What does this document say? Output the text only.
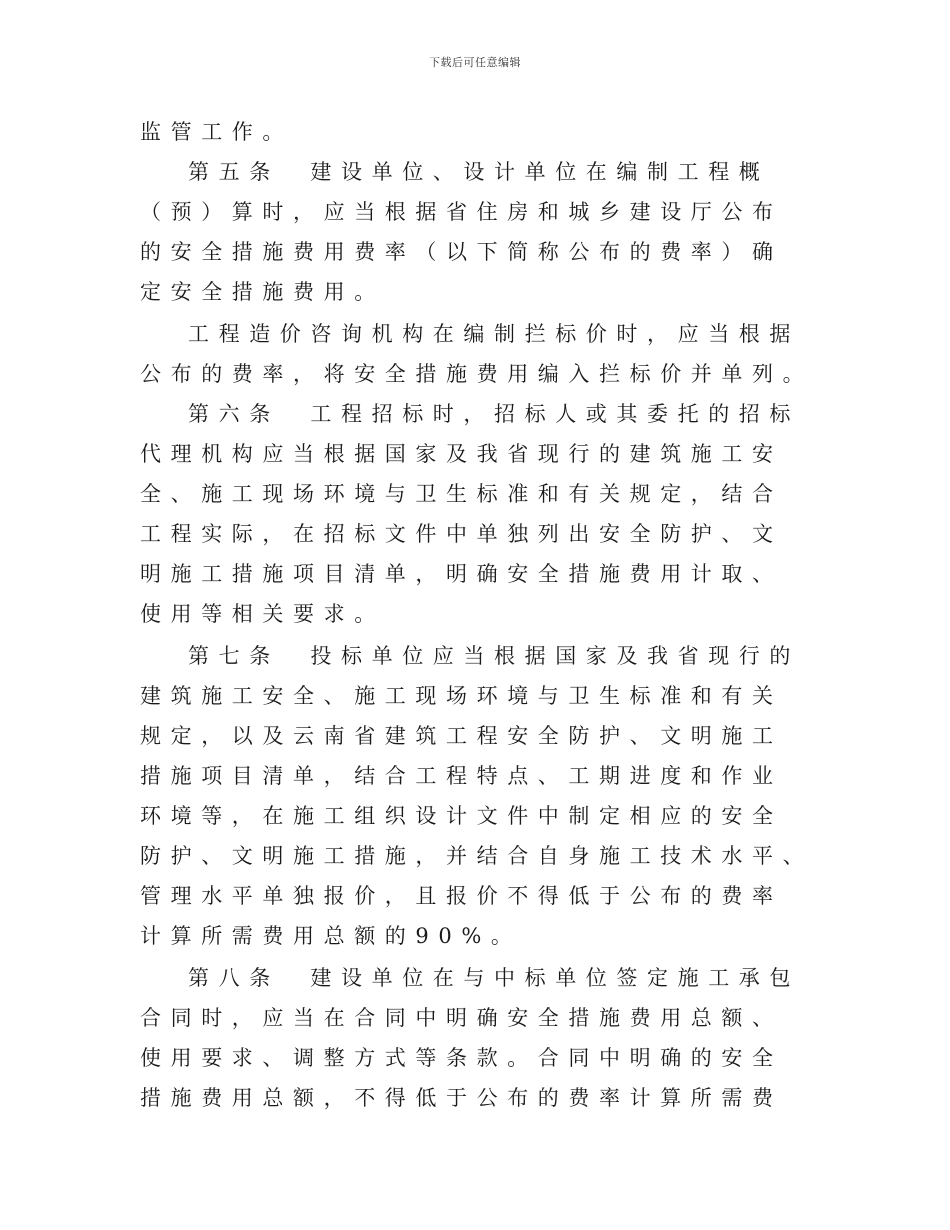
下载后可任意编辑
监管工作。
第五条　建设单位、设计单位在编制工程概
（预）算时，应当根据省住房和城乡建设厅公布
的安全措施费用费率（以下简称公布的费率）确
定安全措施费用。
工程造价咨询机构在编制拦标价时，应当根据
公布的费率，将安全措施费用编入拦标价并单列。
第六条　工程招标时，招标人或其委托的招标
代理机构应当根据国家及我省现行的建筑施工安
全、施工现场环境与卫生标准和有关规定，结合
工程实际，在招标文件中单独列出安全防护、文
明施工措施项目清单，明确安全措施费用计取、
使用等相关要求。
第七条　投标单位应当根据国家及我省现行的
建筑施工安全、施工现场环境与卫生标准和有关
规定，以及云南省建筑工程安全防护、文明施工
措施项目清单，结合工程特点、工期进度和作业
环境等，在施工组织设计文件中制定相应的安全
防护、文明施工措施，并结合自身施工技术水平、
管理水平单独报价，且报价不得低于公布的费率
计算所需费用总额的90%。
第八条　建设单位在与中标单位签定施工承包
合同时，应当在合同中明确安全措施费用总额、
使用要求、调整方式等条款。合同中明确的安全
措施费用总额，不得低于公布的费率计算所需费
